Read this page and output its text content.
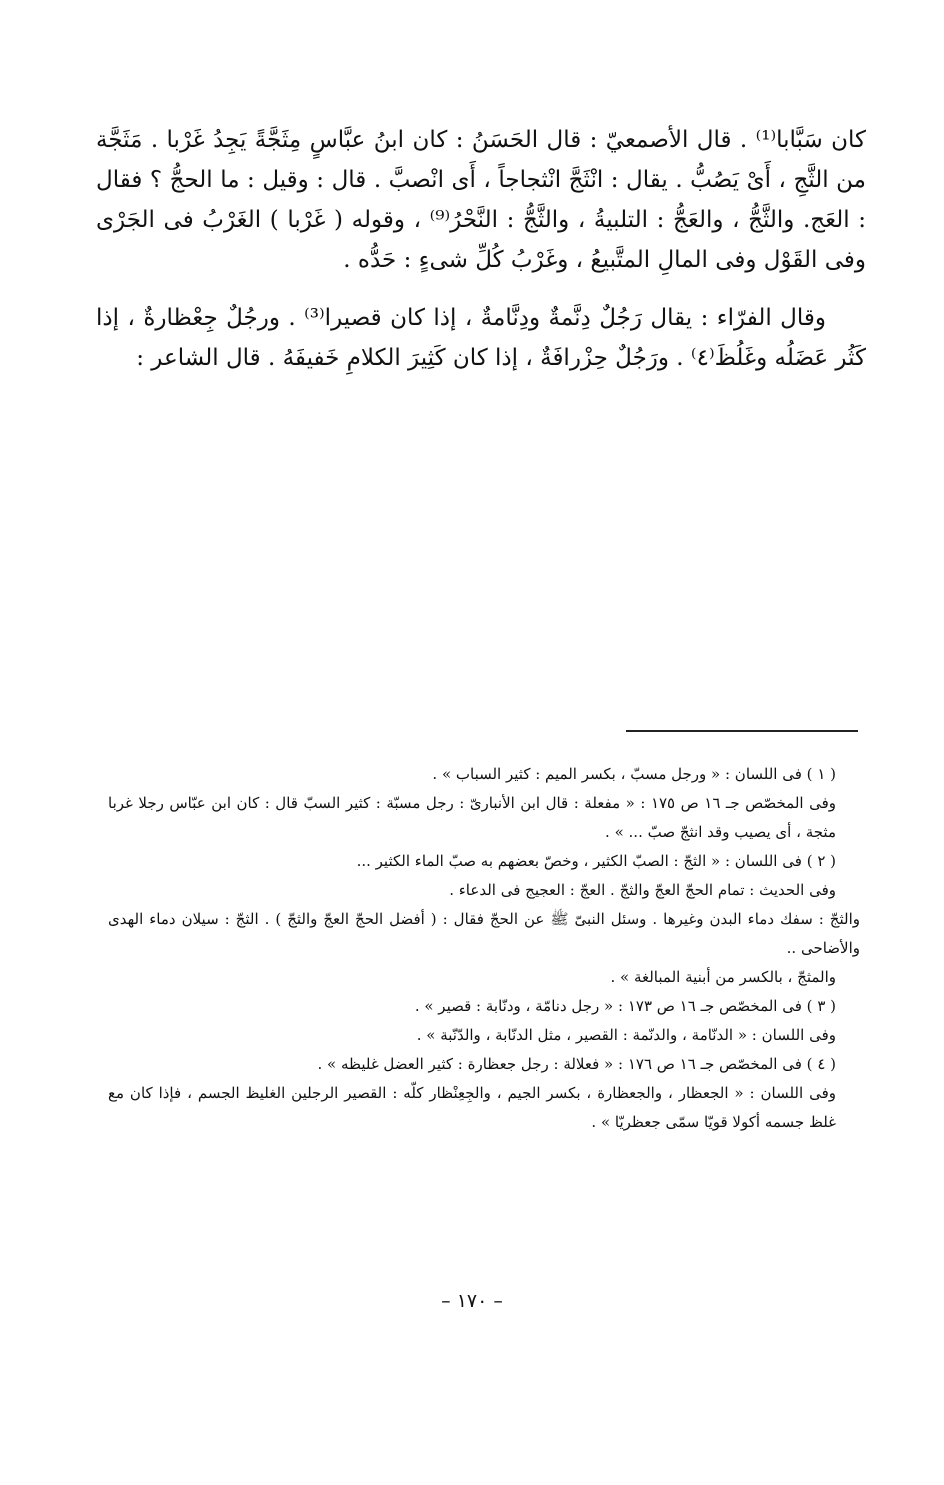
كان سَبَّابا⁽¹⁾ . قال الأصمعيّ : قال الحَسَنُ : كان ابنُ عبَّاسٍ مِثَجَّةً يَجِدُ غَرْبا . مَثَجَّة من الثَّجِ ، أَىْ يَصُبُّ . يقال : انْثَجَّ انْثجاجاً ، أَى انْصبَّ . قال : وقيل : ما الحجُّ ؟ فقال : العَج. والثَّجُّ ، والعَجُّ : التلبيةُ ، والثَّجُّ : النَّحْرُ⁽⁹⁾ ، وقوله ( غَرْبا ) الغَرْبُ فى الجَرْى وفى القَوْل وفى المالِ المتَّبيعُ ، وغَرْبُ كُلِّ شىءٍ : حَدُّه .

وقال الفرّاء : يقال رَجُلٌ دِنَّمةٌ ودِنَّامةٌ ، إذا كان قصيرا⁽³⁾ . ورجُلٌ جِعْظارةٌ ، إذا كَثُر عَضَلُه وغَلُظَ⁽٤⁾ . ورَجُلٌ حِزْرافَةٌ ، إذا كان كَثِيرَ الكلامِ خَفيفَهُ . قال الشاعر :

( ١ ) فى اللسان : « ورجل مسبّ ، بكسر الميم : كثير السباب » .
وفى المخصّص جـ ١٦ ص ١٧٥ : « مفعلة : قال ابن الأنبارىّ : رجل مسبّة : كثير السبّ قال : كان ابن عبّاس رجلا غربا مثجة ، أى يصيب وقد انثجّ صبّ ... » .
( ٢ ) فى اللسان : « الثجّ : الصبّ الكثير ، وخصّ بعضهم به صبّ الماء الكثير ...
وفى الحديث : تمام الحجّ العجّ والثجّ . العجّ : العجيج فى الدعاء .
والثجّ : سفك دماء البدن وغيرها . وسئل النبىّ ﷺ عن الحجّ فقال : ( أفضل الحجّ العجّ والثجّ ) . الثجّ : سيلان دماء الهدى والأضاحى ..
والمثجّ ، بالكسر من أبنية المبالغة » .
( ٣ ) فى المخصّص جـ ١٦ ص ١٧٣ : « رجل دنامّة ، ودنّابة : قصير » .
وفى اللسان : « الدنّامة ، والدنّمة : القصير ، مثل الدنّابة ، والدّنّبة » .
( ٤ ) فى المخصّص جـ ١٦ ص ١٧٦ : « فعلالة : رجل جعظارة : كثير العضل غليظه » .
وفى اللسان : « الجعظار ، والجعظارة ، بكسر الجيم ، والجِعِنْظار كلّه : القصير الرجلين الغليظ الجسم ، فإذا كان مع غلظ جسمه أكولا قويّا سمّى جعظريّا » .
– ١٧٠ –
